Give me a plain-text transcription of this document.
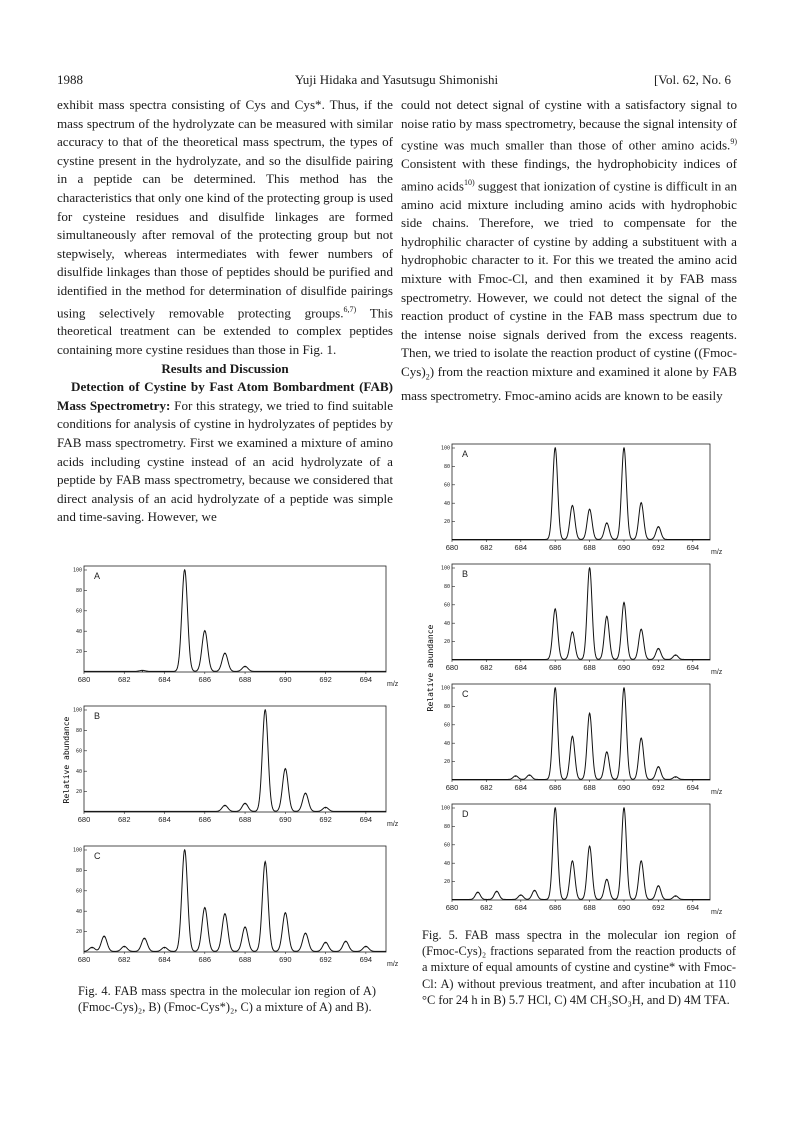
1988	Yuji Hidaka and Yasutsugu Shimonishi	[Vol. 62, No. 6

exhibit mass spectra consisting of Cys and Cys*. Thus, if the mass spectrum of the hydrolyzate can be measured with similar accuracy to that of the theoretical mass spectrum, the types of cystine present in the hydrolyzate, and so the disulfide pairing in a peptide can be determined. This method has the characteristics that only one kind of the protecting group is used for cysteine residues and disulfide linkages are formed simultaneously after removal of the protecting group but not stepwisely, whereas intermediates with fewer numbers of disulfide linkages than those of peptides should be purified and identified in the method for determination of disulfide pairings using selectively removable protecting groups.$^{6,7)}$ This theoretical treatment can be extended to complex peptides containing more cystine residues than those in Fig. 1.

Results and Discussion

Detection of Cystine by Fast Atom Bombardment (FAB) Mass Spectrometry: For this strategy, we tried to find suitable conditions for analysis of cystine in hydrolyzates of peptides by FAB mass spectrometry. First we examined a mixture of amino acids including cystine instead of an acid hydrolyzate of a peptide by FAB mass spectrometry, because we considered that direct analysis of an acid hydrolyzate of a peptide was simple and time-saving. However, we

could not detect signal of cystine with a satisfactory signal to noise ratio by mass spectrometry, because the signal intensity of cystine was much smaller than those of other amino acids.$^{9)}$ Consistent with these findings, the hydrophobicity indices of amino acids$^{10)}$ suggest that ionization of cystine is difficult in an amino acid mixture including amino acids with hydrophobic side chains. Therefore, we tried to compensate for the hydrophilic character of cystine by adding a substituent with a hydrophobic character to it. For this we treated the amino acid mixture with Fmoc-Cl, and then examined it by FAB mass spectrometry. However, we could not detect the signal of the reaction product of cystine in the FAB mass spectrum due to the intense noise signals derived from the excess reagents. Then, we tried to isolate the reaction product of cystine $((Fmoc-Cys)_2)$ from the reaction mixture and examined it alone by FAB mass spectrometry. Fmoc-amino acids are known to be easily

100
80
60
40
20
680	682	684	686	688	690	692	694
m/z
A
100
80
60
40
20
680	682	684	686	688	690	692	694
m/z
B
100
80
60
40
20
680	682	684	686	688	690	692	694
m/z
C
Relative abundance
100
80
60
40
20
680	682	684	686	688	690	692	694
m/z
A
100
80
60
40
20
680	682	684	686	688	690	692	694
m/z
B
100
80
60
40
20
680	682	684	686	688	690	692	694
m/z
C
100
80
60
40
20
680	682	684	686	688	690	692	694
m/z
D
Relative abundance
Fig. 4. FAB mass spectra in the molecular ion region of A) (Fmoc-Cys)₂, B) (Fmoc-Cys*)₂, C) a mixture of A) and B).
Fig. 5. FAB mass spectra in the molecular ion region of (Fmoc-Cys)₂ fractions separated from the reaction products of a mixture of equal amounts of cystine and cystine* with Fmoc-Cl: A) without previous treatment, and after incubation at 110 °C for 24 h in B) 5.7 HCl, C) 4M CH₃SO₃H, and D) 4M TFA.
